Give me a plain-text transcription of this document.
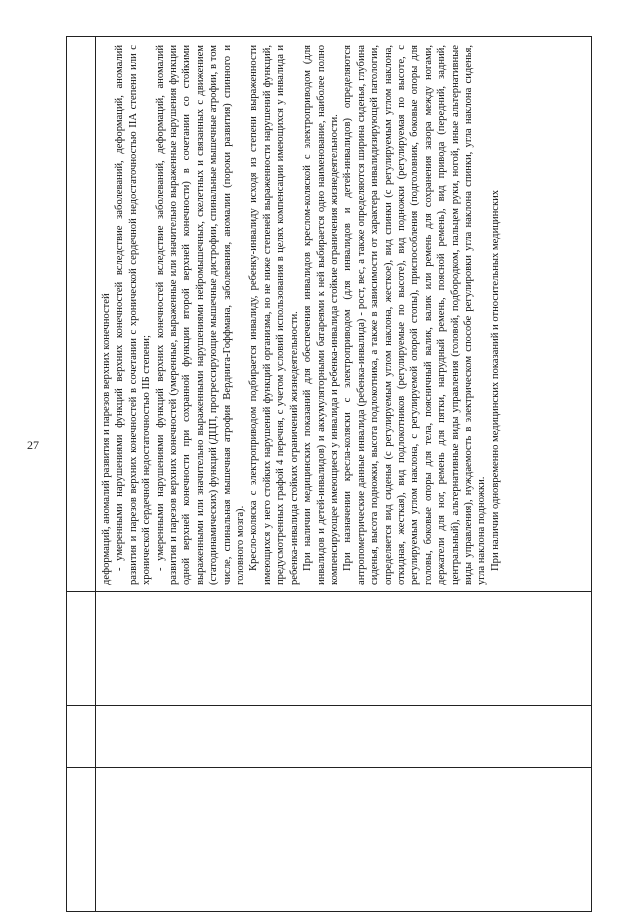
27	деформаций, аномалий развития и парезов верхних конечностей - умеренными нарушениями функций верхних конечностей вследствие заболеваний, деформаций, аномалий развития и парезов верхних конечностей в сочетании с хронической сердечной недостаточностью IIА степени или с хронической сердечной недостаточностью IIБ степени; - умеренными нарушениями функций верхних конечностей вследствие заболеваний, деформаций, аномалий развития и парезов верхних конечностей (умеренные, выраженные или значительно выраженные нарушения функции одной верхней конечности при сохранной функции второй верхней конечности) в сочетании со стойкими выраженными или значительно выраженными нарушениями нейромышечных, скелетных и связанных с движением (статодинамических) функций (ДЦП, прогрессирующие мышечные дистрофии, спинальные мышечные атрофии, в том числе, спинальная мышечная атрофия Верднига-Гоффмана, заболевания, аномалии (пороки развития) спинного и головного мозга). Кресло-коляска с электроприводом подбирается инвалиду, ребенку-инвалиду исходя из степени выраженности имеющихся у него стойких нарушений функций организма, но не ниже степеней выраженности нарушений функций, предусмотренных графой 4 перечня, с учетом условий использования в целях компенсации имеющихся у инвалида и ребенка-инвалида стойких ограничений жизнедеятельности. При наличии медицинских показаний для обеспечения инвалидов креслом-коляской с электроприводом (для инвалидов и детей-инвалидов) и аккумуляторными батареями к ней выбирается одно наименование, наиболее полно компенсирующее имеющиеся у инвалида и ребенка-инвалида стойкие ограничения жизнедеятельности. При назначении кресла-коляски с электроприводом (для инвалидов и детей-инвалидов) определяются антропометрические данные инвалида (ребенка-инвалида) - рост, вес, а также определяются ширина сиденья, глубина сиденья, высота подножки, высота подлокотника, а также в зависимости от характера инвалидизирующей патологии, определяется вид сиденья (с регулируемым углом наклона, жесткое), вид спинки (с регулируемым углом наклона, откидная, жесткая), вид подлокотников (регулируемые по высоте), вид подножки (регулируемая по высоте, с регулируемым углом наклона, с регулируемой опорой стопы), приспособления (подголовник, боковые опоры для головы, боковые опоры для тела, поясничный валик, валик или ремень для сохранения зазора между ногами, держатели для ног, ремень для пятки, нагрудный ремень, поясной ремень), вид привода (передний, задний, центральный), альтернативные виды управления (головой, подбородком, пальцем руки, ногой, иные альтернативные виды управления), нуждаемость в электрическом способе регулировки угла наклона спинки, угла наклона сиденья, угла наклона подножки. При наличии одновременно медицинских показаний и относительных медицинских
